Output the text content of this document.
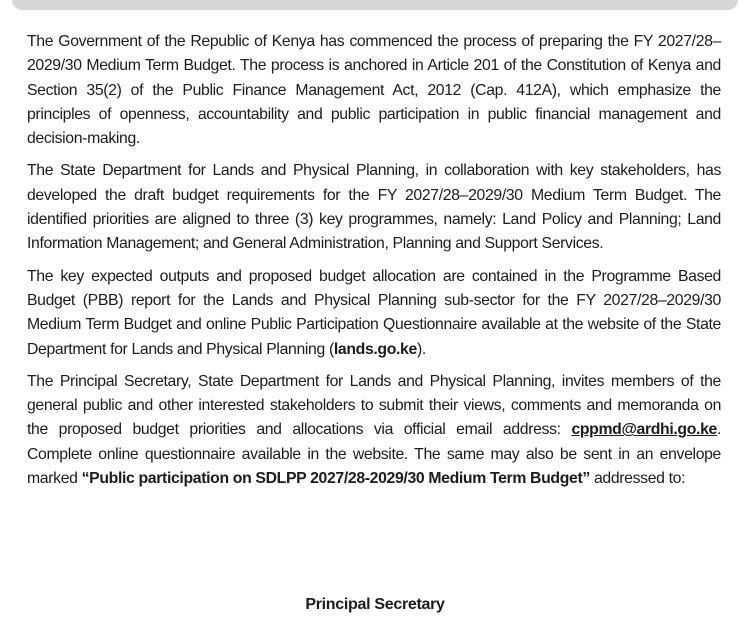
The Government of the Republic of Kenya has commenced the process of preparing the FY 2027/28–2029/30 Medium Term Budget. The process is anchored in Article 201 of the Constitution of Kenya and Section 35(2) of the Public Finance Management Act, 2012 (Cap. 412A), which emphasize the principles of openness, accountability and public participation in public financial management and decision-making.

The State Department for Lands and Physical Planning, in collaboration with key stakeholders, has developed the draft budget requirements for the FY 2027/28–2029/30 Medium Term Budget. The identified priorities are aligned to three (3) key programmes, namely: Land Policy and Planning; Land Information Management; and General Administration, Planning and Support Services.

The key expected outputs and proposed budget allocation are contained in the Programme Based Budget (PBB) report for the Lands and Physical Planning sub-sector for the FY 2027/28–2029/30 Medium Term Budget and online Public Participation Questionnaire available at the website of the State Department for Lands and Physical Planning (lands.go.ke).

The Principal Secretary, State Department for Lands and Physical Planning, invites members of the general public and other interested stakeholders to submit their views, comments and memoranda on the proposed budget priorities and allocations via official email address: cppmd@ardhi.go.ke. Complete online questionnaire available in the website. The same may also be sent in an envelope marked “Public participation on SDLPP 2027/28-2029/30 Medium Term Budget” addressed to:

Principal Secretary
